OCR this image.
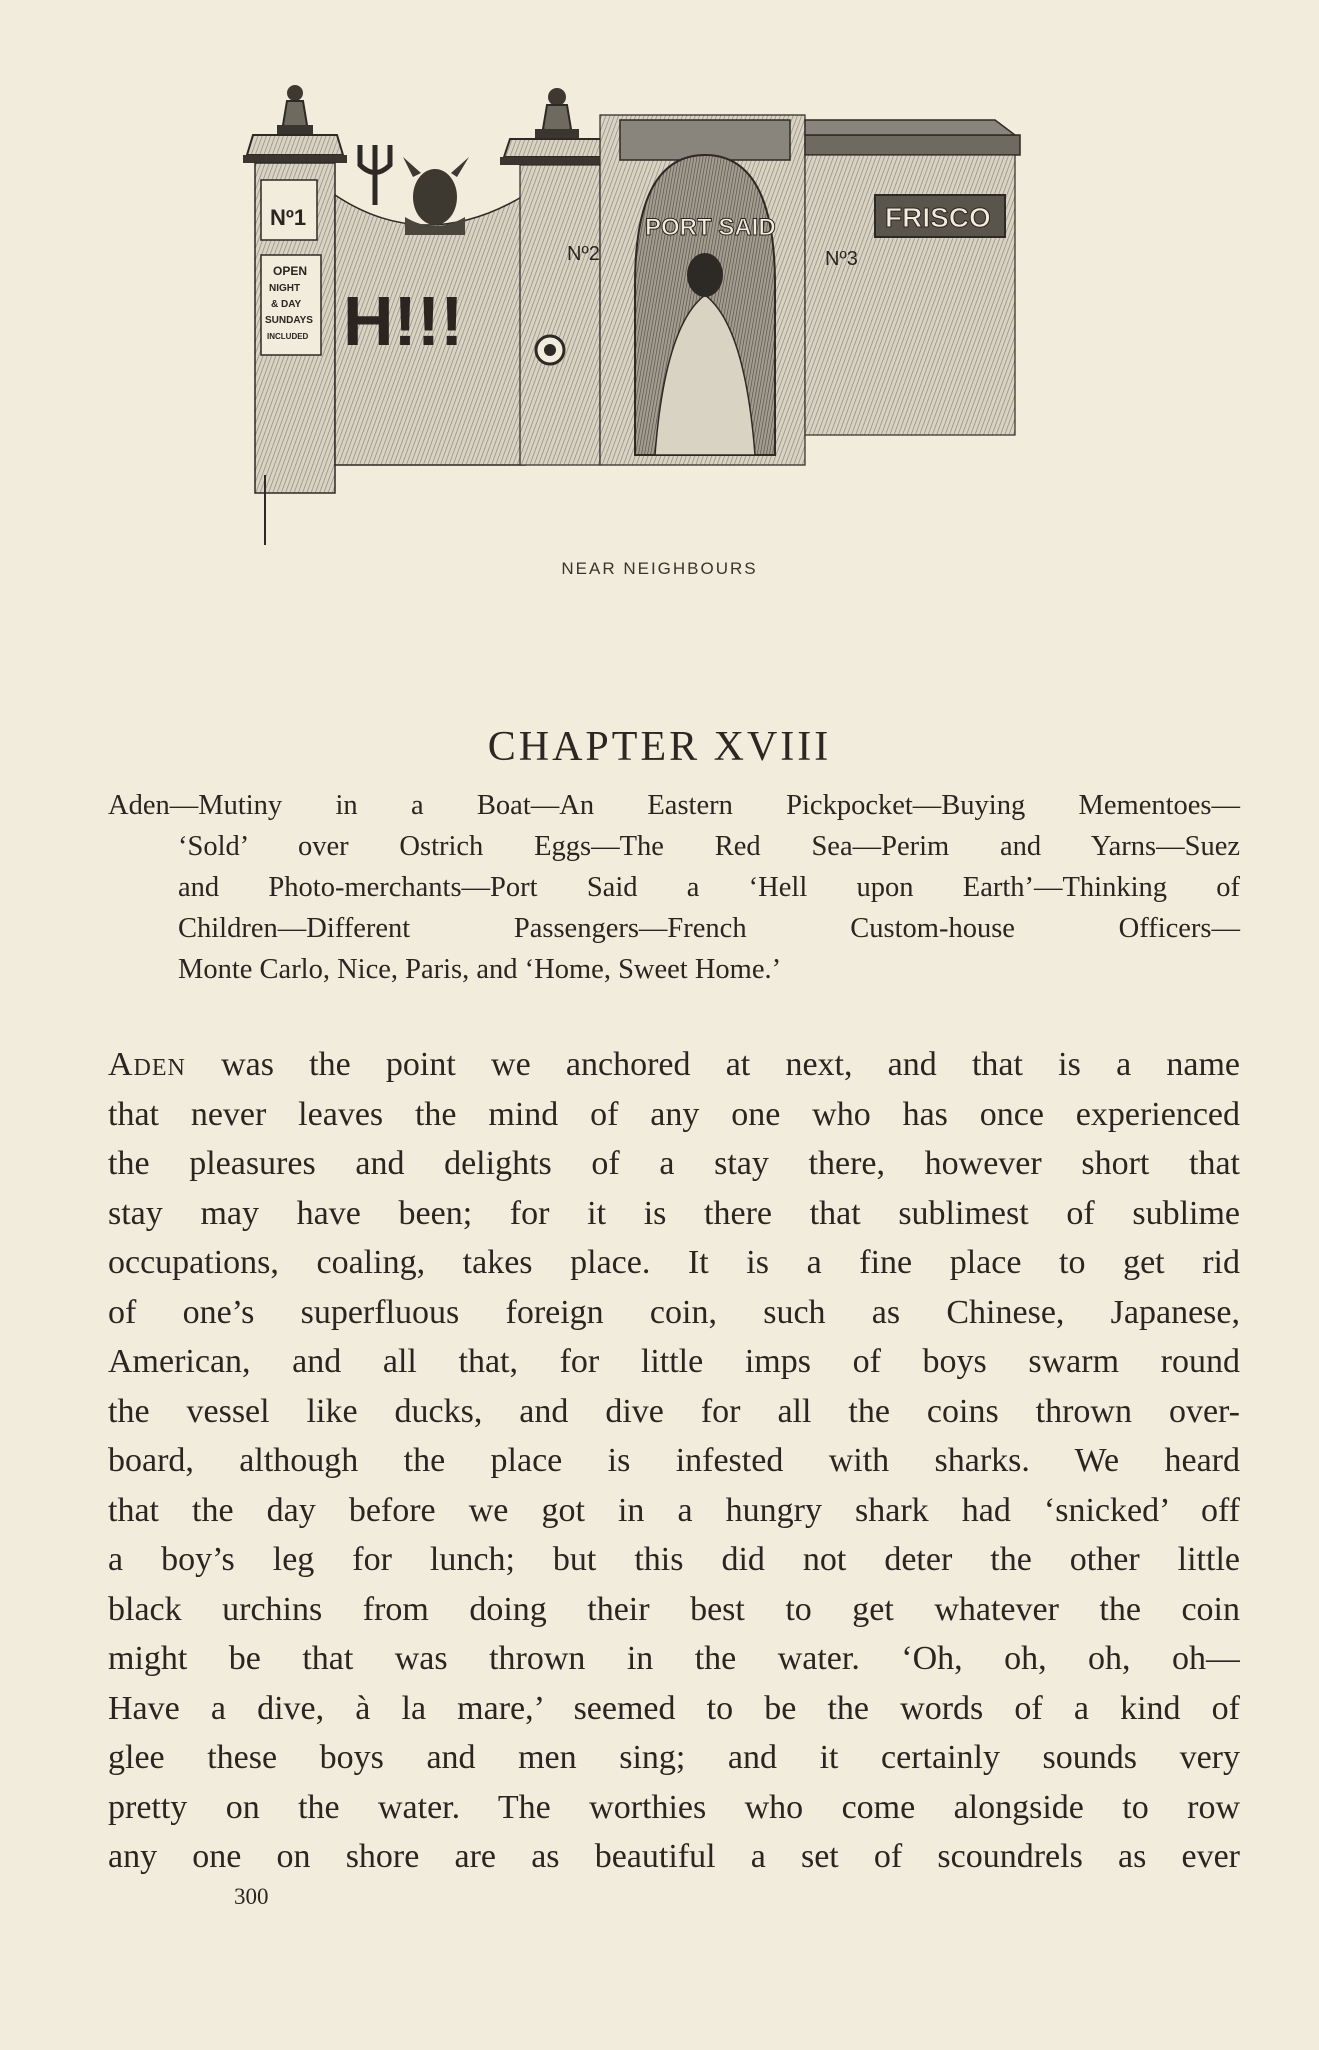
Nº1
OPEN
NIGHT
& DAY
SUNDAYS
INCLUDED H!!!
Nº2
PORT SAID
Nº3
FRISCO
NEAR NEIGHBOURS
CHAPTER XVIII
Aden—Mutiny in a Boat—An Eastern Pickpocket—Buying Mementoes—
‘Sold’ over Ostrich Eggs—The Red Sea—Perim and Yarns—Suez
and Photo-merchants—Port Said a ‘Hell upon Earth’—Thinking of
Children—Different Passengers—French Custom-house Officers—
Monte Carlo, Nice, Paris, and ‘Home, Sweet Home.’
Aden was the point we anchored at next, and that is a name
that never leaves the mind of any one who has once experienced
the pleasures and delights of a stay there, however short that
stay may have been; for it is there that sublimest of sublime
occupations, coaling, takes place. It is a fine place to get rid
of one’s superfluous foreign coin, such as Chinese, Japanese,
American, and all that, for little imps of boys swarm round
the vessel like ducks, and dive for all the coins thrown over-
board, although the place is infested with sharks. We heard
that the day before we got in a hungry shark had ‘snicked’ off
a boy’s leg for lunch; but this did not deter the other little
black urchins from doing their best to get whatever the coin
might be that was thrown in the water. ‘Oh, oh, oh, oh—
Have a dive, à la mare,’ seemed to be the words of a kind of
glee these boys and men sing; and it certainly sounds very
pretty on the water. The worthies who come alongside to row
any one on shore are as beautiful a set of scoundrels as ever
300
